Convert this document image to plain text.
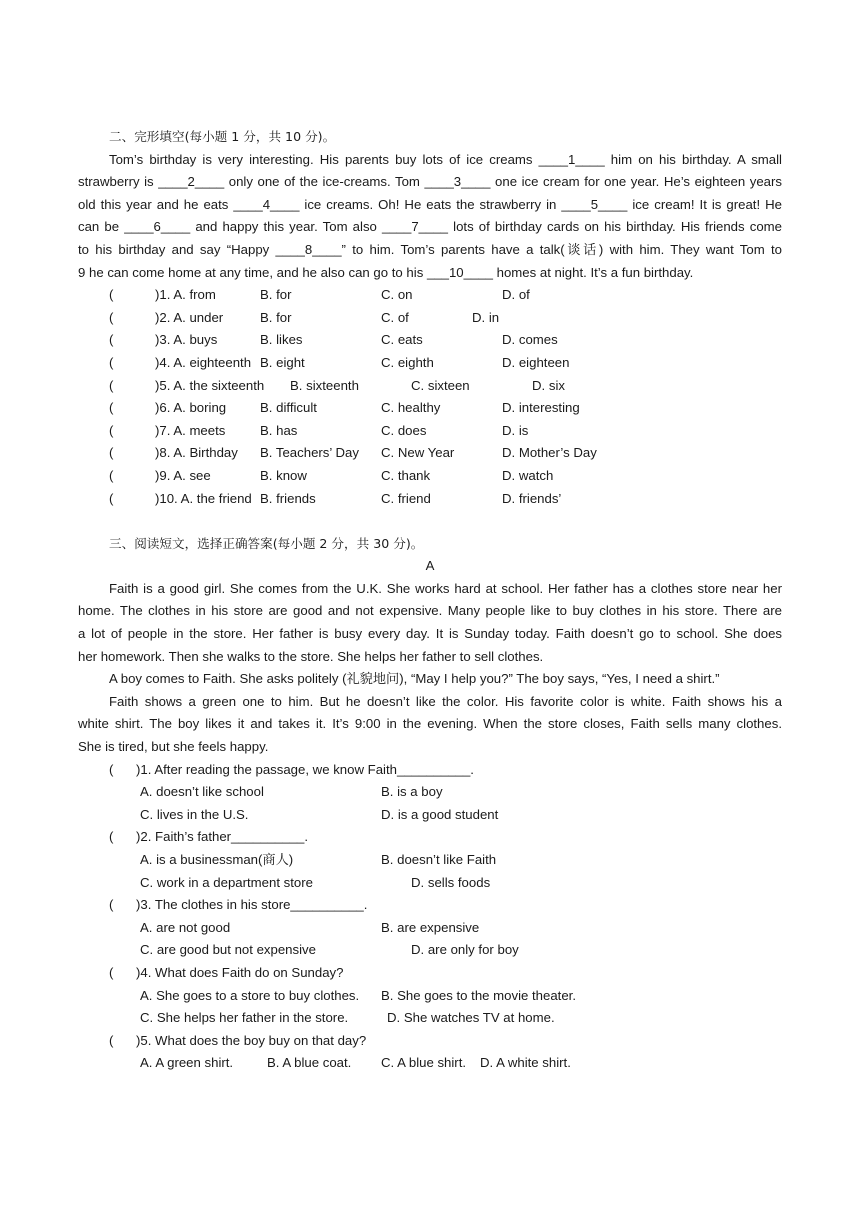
二、完形填空(每小题 1 分，共 10 分)。
Tom’s birthday is very interesting. His parents buy lots of ice creams ____1____ him on his birthday. A small
strawberry is ____2____ only one of the ice-creams. Tom ____3____ one ice cream for one year. He’s eighteen years
old this year and he eats ____4____ ice creams. Oh! He eats the strawberry in ____5____ ice cream! It is great! He
can be ____6____ and happy this year. Tom also ____7____ lots of birthday cards on his birthday. His friends come
to his birthday and say “Happy ____8____” to him. Tom’s parents have a talk(谈话) with him. They want Tom to
9 he can come home at any time, and he also can go to his ___10____ homes at night. It’s a fun birthday.
(	)1. A. from	B. for	C. on	D. of
(	)2. A. under	B. for	C. of	D. in
(	)3. A. buys	B. likes	C. eats	D. comes
(	)4. A. eighteenth B. eight	C. eighth	D. eighteen
(	)5. A. the sixteenth B. sixteenth	C. sixteen	D. six
(	)6. A. boring	B. difficult	C. healthy	D. interesting
(	)7. A. meets	B. has	C. does	D. is
(	)8. A. Birthday B. Teachers’ Day C. New Year	D. Mother’s Day
(	)9. A. see	B. know	C. thank	D. watch
(	)10. A. the friend B. friends	C. friend	D. friends’
三、阅读短文，选择正确答案(每小题 2 分，共 30 分)。
A
Faith is a good girl. She comes from the U.K. She works hard at school. Her father has a clothes store near her
home. The clothes in his store are good and not expensive. Many people like to buy clothes in his store. There are
a lot of people in the store. Her father is busy every day. It is Sunday today. Faith doesn’t go to school. She does
her homework. Then she walks to the store. She helps her father to sell clothes.
A boy comes to Faith. She asks politely (礼貌地问), “May I help you?” The boy says, “Yes, I need a shirt.”
Faith shows a green one to him. But he doesn’t like the color. His favorite color is white. Faith shows his a
white shirt. The boy likes it and takes it. It’s 9:00 in the evening. When the store closes, Faith sells many clothes.
She is tired, but she feels happy.
( )1. After reading the passage, we know Faith__________.
A. doesn’t like school	B. is a boy
C. lives in the U.S.	D. is a good student
( )2. Faith’s father__________.
A. is a businessman(商人)	B. doesn’t like Faith
C. work in a department store	D. sells foods
( )3. The clothes in his store__________.
A. are not good	B. are expensive
C. are good but not expensive	D. are only for boy
( )4. What does Faith do on Sunday?
A. She goes to a store to buy clothes. B. She goes to the movie theater.
C. She helps her father in the store.	D. She watches TV at home.
( )5. What does the boy buy on that day?
A. A green shirt.	B. A blue coat. C. A blue shirt. D. A white shirt.
